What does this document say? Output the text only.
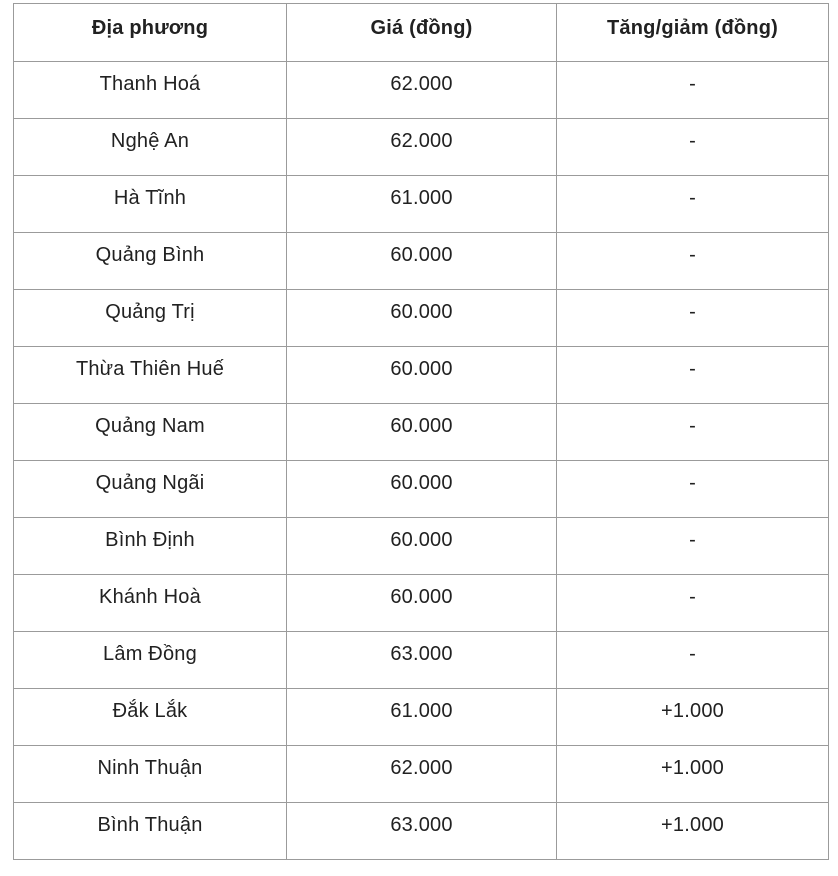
Địa phương	Giá (đồng)	Tăng/giảm (đồng)
Thanh Hoá	62.000	-
Nghệ An	62.000	-
Hà Tĩnh	61.000	-
Quảng Bình	60.000	-
Quảng Trị	60.000	-
Thừa Thiên Huế	60.000	-
Quảng Nam	60.000	-
Quảng Ngãi	60.000	-
Bình Định	60.000	-
Khánh Hoà	60.000	-
Lâm Đồng	63.000	-
Đắk Lắk	61.000	+1.000
Ninh Thuận	62.000	+1.000
Bình Thuận	63.000	+1.000
